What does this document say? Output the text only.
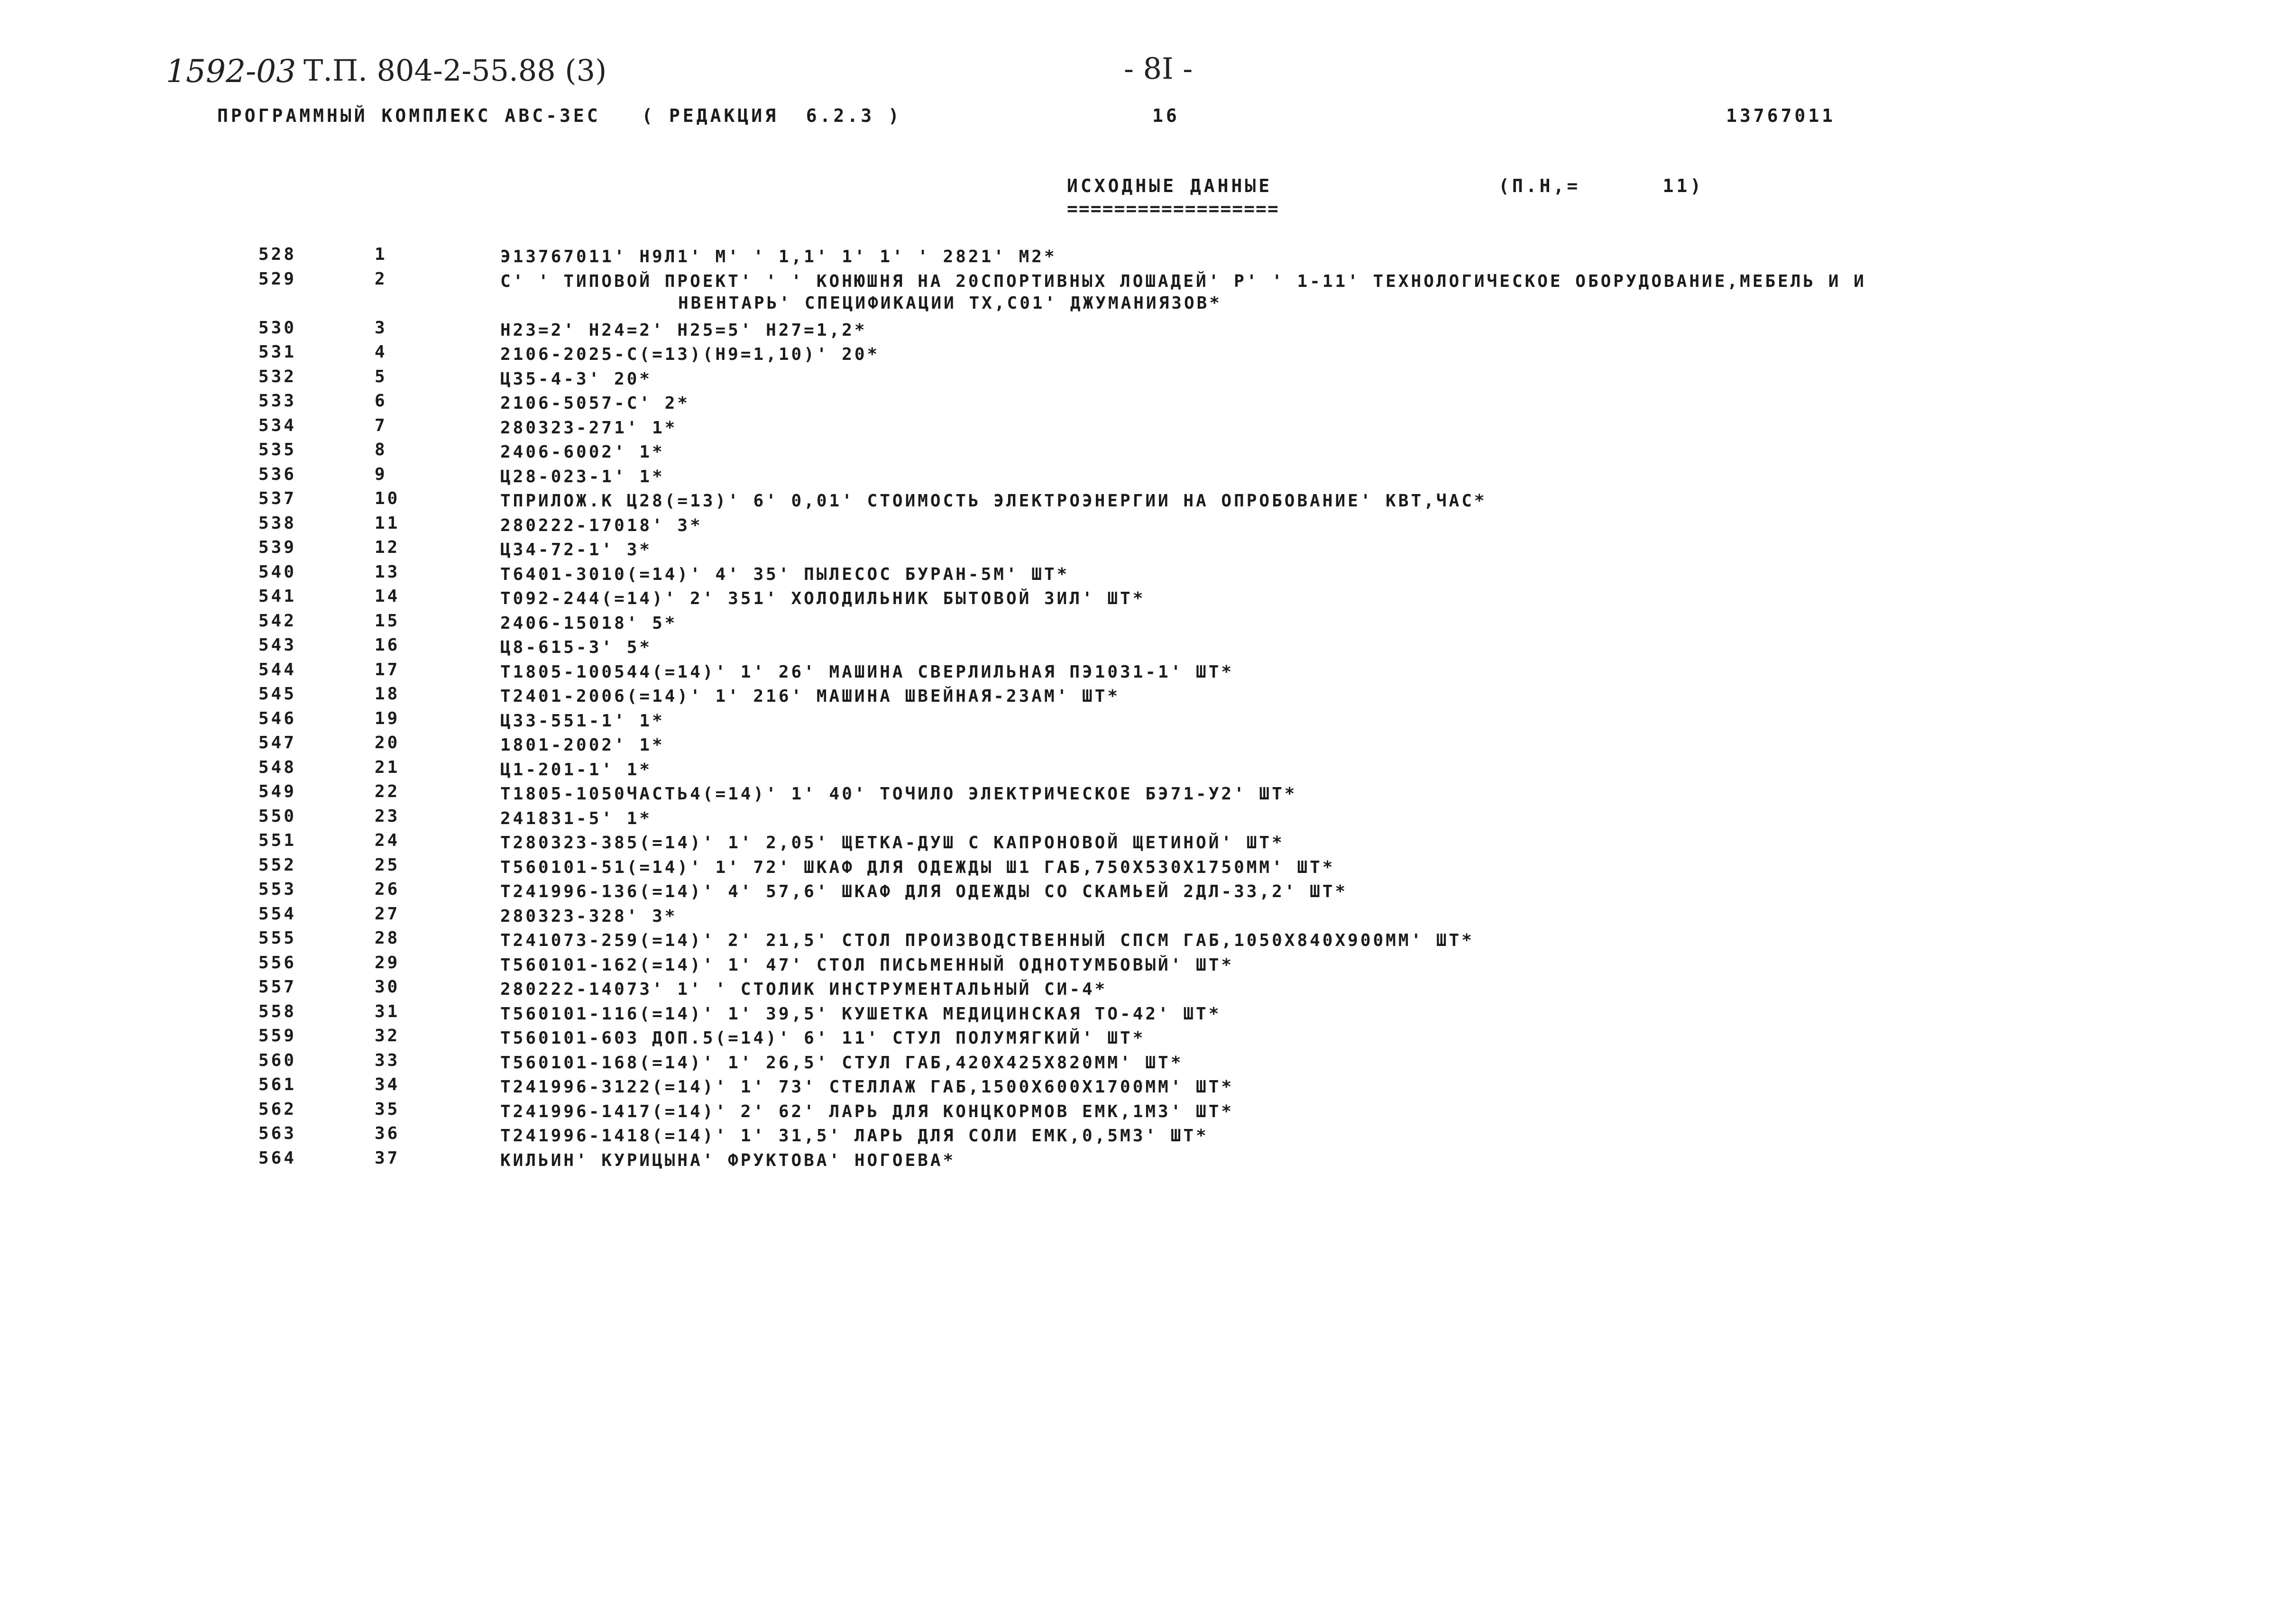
1592-03 Т.П. 804-2-55.88 (3)	- 8I -
ПРОГРАММНЫЙ КОМПЛЕКС АВС-3ЕС   ( РЕДАКЦИЯ  6.2.3 )	16	13767011
ИСХОДНЫЕ ДАННЫЕ	(П.Н,=      11)
==================
528	1	Э13767011' Н9Л1' М' ' 1,1' 1' 1' ' 2821' М2*
529	2	С' ' ТИПОВОЙ ПРОЕКТ' ' ' КОНЮШНЯ НА 20СПОРТИВНЫХ ЛОШАДЕЙ' Р' ' 1-11' ТЕХНОЛОГИЧЕСКОЕ ОБОРУДОВАНИЕ,МЕБЕЛЬ И И
НВЕНТАРЬ' СПЕЦИФИКАЦИИ ТХ,С01' ДЖУМАНИЯЗОВ*
530	3	Н23=2' Н24=2' Н25=5' Н27=1,2*
531	4	2106-2025-С(=13)(Н9=1,10)' 20*
532	5	Ц35-4-3' 20*
533	6	2106-5057-С' 2*
534	7	280323-271' 1*
535	8	2406-6002' 1*
536	9	Ц28-023-1' 1*
537	10	ТПРИЛОЖ.К Ц28(=13)' 6' 0,01' СТОИМОСТЬ ЭЛЕКТРОЭНЕРГИИ НА ОПРОБОВАНИЕ' КВТ,ЧАС*
538	11	280222-17018' 3*
539	12	Ц34-72-1' 3*
540	13	Т6401-3010(=14)' 4' 35' ПЫЛЕСОС БУРАН-5М' ШТ*
541	14	Т092-244(=14)' 2' 351' ХОЛОДИЛЬНИК БЫТОВОЙ ЗИЛ' ШТ*
542	15	2406-15018' 5*
543	16	Ц8-615-3' 5*
544	17	Т1805-100544(=14)' 1' 26' МАШИНА СВЕРЛИЛЬНАЯ ПЭ1031-1' ШТ*
545	18	Т2401-2006(=14)' 1' 216' МАШИНА ШВЕЙНАЯ-23АМ' ШТ*
546	19	Ц33-551-1' 1*
547	20	1801-2002' 1*
548	21	Ц1-201-1' 1*
549	22	Т1805-1050ЧАСТЬ4(=14)' 1' 40' ТОЧИЛО ЭЛЕКТРИЧЕСКОЕ БЭ71-У2' ШТ*
550	23	241831-5' 1*
551	24	Т280323-385(=14)' 1' 2,05' ЩЕТКА-ДУШ С КАПРОНОВОЙ ЩЕТИНОЙ' ШТ*
552	25	Т560101-51(=14)' 1' 72' ШКАФ ДЛЯ ОДЕЖДЫ Ш1 ГАБ,750Х530Х1750ММ' ШТ*
553	26	Т241996-136(=14)' 4' 57,6' ШКАФ ДЛЯ ОДЕЖДЫ СО СКАМЬЕЙ 2ДЛ-33,2' ШТ*
554	27	280323-328' 3*
555	28	Т241073-259(=14)' 2' 21,5' СТОЛ ПРОИЗВОДСТВЕННЫЙ СПСМ ГАБ,1050Х840Х900ММ' ШТ*
556	29	Т560101-162(=14)' 1' 47' СТОЛ ПИСЬМЕННЫЙ ОДНОТУМБОВЫЙ' ШТ*
557	30	280222-14073' 1' ' СТОЛИК ИНСТРУМЕНТАЛЬНЫЙ СИ-4*
558	31	Т560101-116(=14)' 1' 39,5' КУШЕТКА МЕДИЦИНСКАЯ ТО-42' ШТ*
559	32	Т560101-603 ДОП.5(=14)' 6' 11' СТУЛ ПОЛУМЯГКИЙ' ШТ*
560	33	Т560101-168(=14)' 1' 26,5' СТУЛ ГАБ,420Х425Х820ММ' ШТ*
561	34	Т241996-3122(=14)' 1' 73' СТЕЛЛАЖ ГАБ,1500Х600Х1700ММ' ШТ*
562	35	Т241996-1417(=14)' 2' 62' ЛАРЬ ДЛЯ КОНЦКОРМОВ ЕМК,1М3' ШТ*
563	36	Т241996-1418(=14)' 1' 31,5' ЛАРЬ ДЛЯ СОЛИ ЕМК,0,5М3' ШТ*
564	37	КИЛЬИН' КУРИЦЫНА' ФРУКТОВА' НОГОЕВА*
